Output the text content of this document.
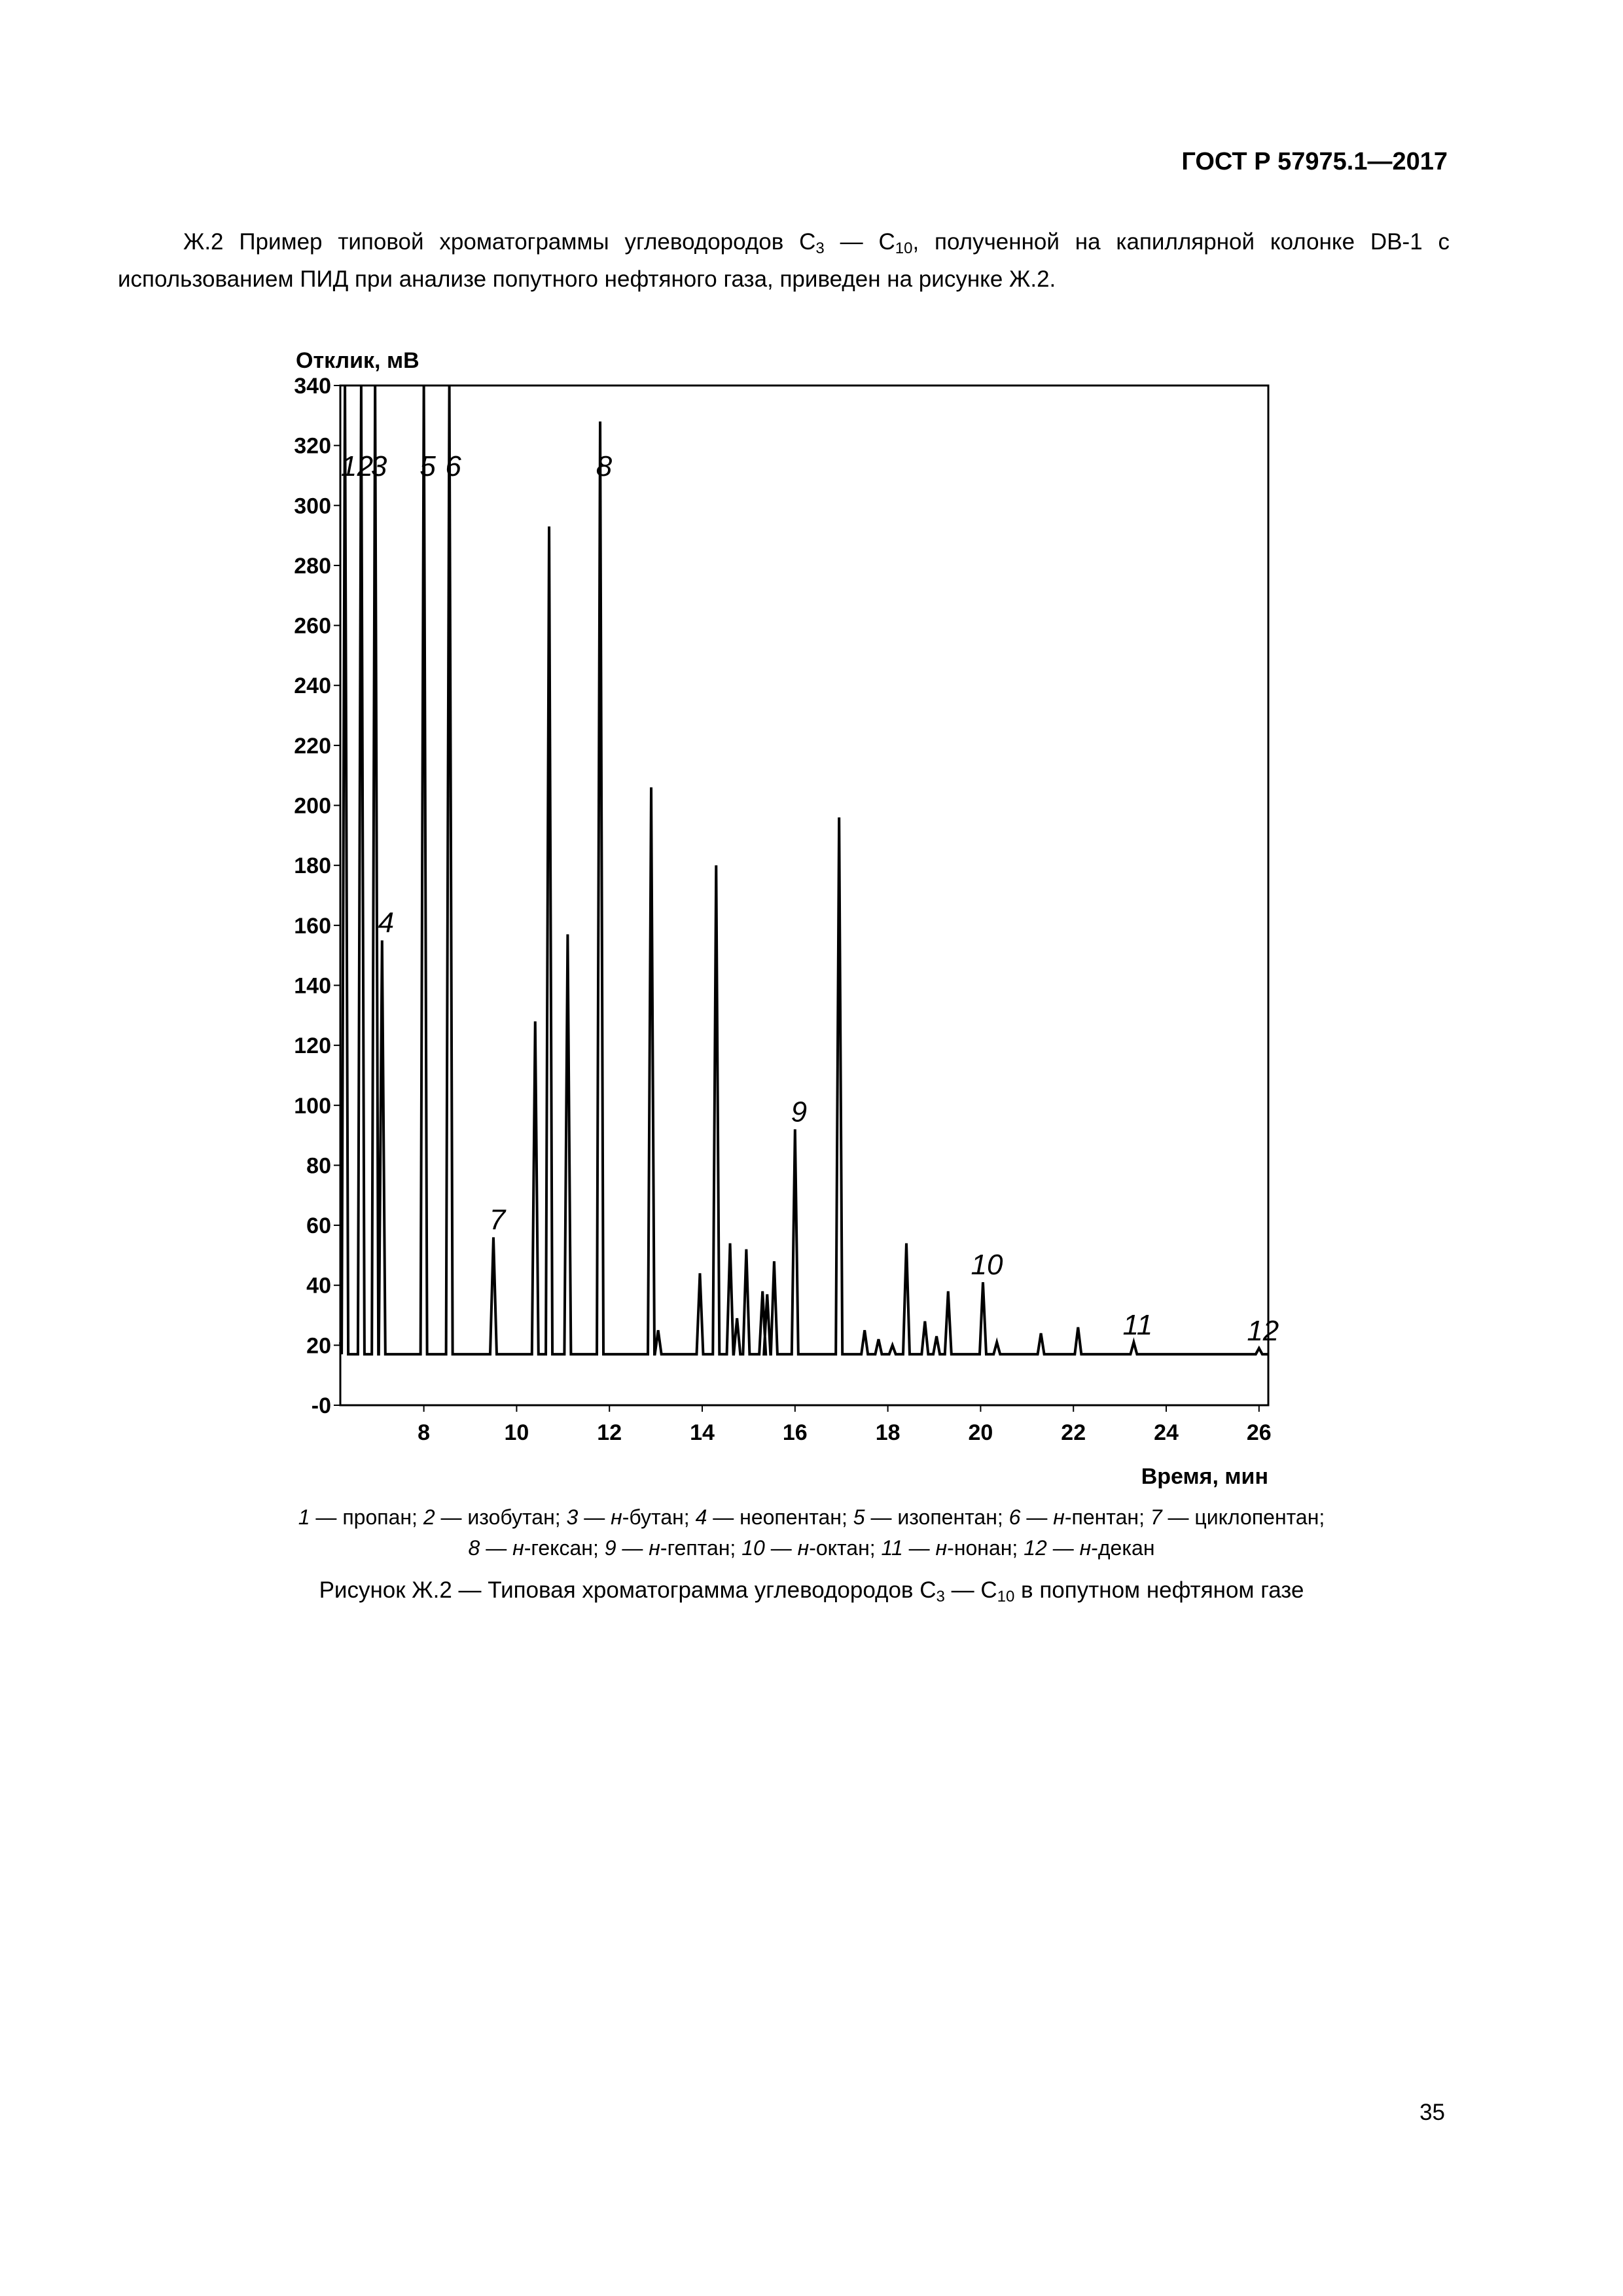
ГОСТ Р 57975.1—2017
Ж.2 Пример типовой хроматограммы углеводородов $C_3$ — $C_{10}$, полученной на капиллярной колонке DB-1 с
использованием ПИД при анализе попутного нефтяного газа, приведен на рисунке Ж.2.
Отклик, мВ
Время, мин
340
320
300
280
260
240
220
200
180
160
140
120
100
80
60
40
20
-0
8	10	12	14	16	18	20	22	24	26
1 2
3
4
5 6
7
8
9
10
11	12
1 — пропан; 2 — изобутан; 3 — н-бутан; 4 — неопентан; 5 — изопентан; 6 — н-пентан; 7 — циклопентан;
8 — н-гексан; 9 — н-гептан; 10 — н-октан; 11 — н-нонан; 12 — н-декан
Рисунок Ж.2 — Типовая хроматограмма углеводородов $C_3$ — $C_{10}$ в попутном нефтяном газе
35
